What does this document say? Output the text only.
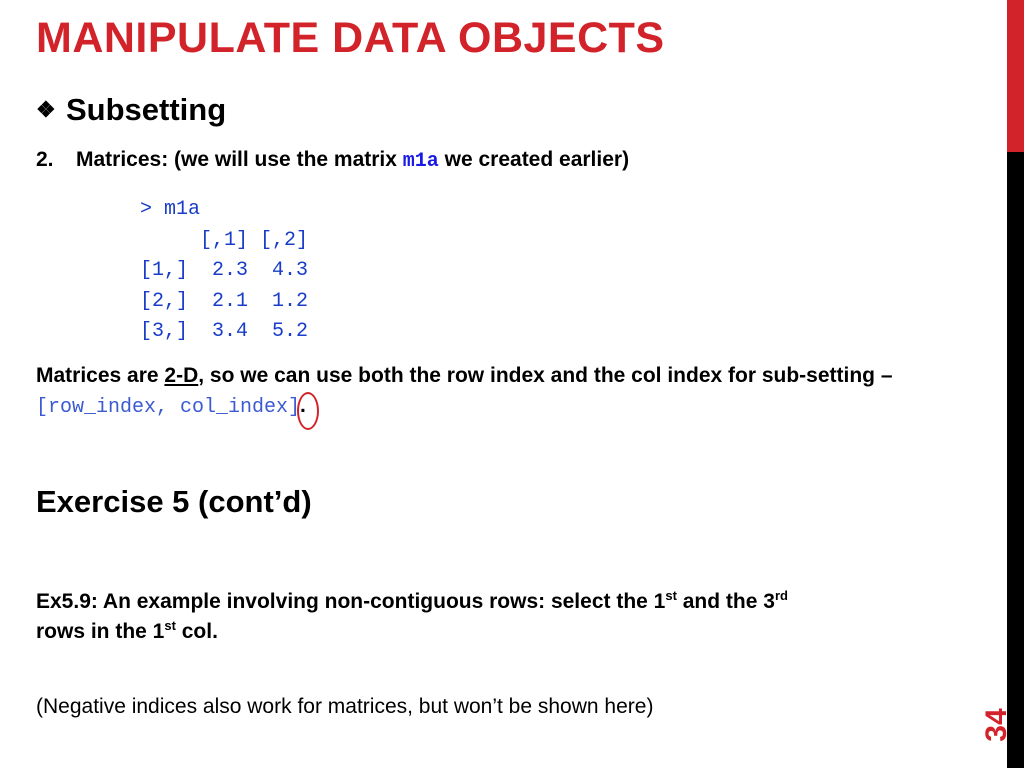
MANIPULATE DATA OBJECTS
34
❖ Subsetting
2. Matrices: (we will use the matrix m1a we created earlier)
> m1a
[,1] [,2]
[1,]  2.3  4.3
[2,]  2.1  1.2
[3,]  3.4  5.2
Matrices are 2-D, so we can use both the row index and the col index for sub-setting – [row_index, col_index].
Exercise 5 (cont’d)
Ex5.9: An example involving non-contiguous rows: select the 1st and the 3rd
rows in the 1st col.
(Negative indices also work for matrices, but won’t be shown here)
